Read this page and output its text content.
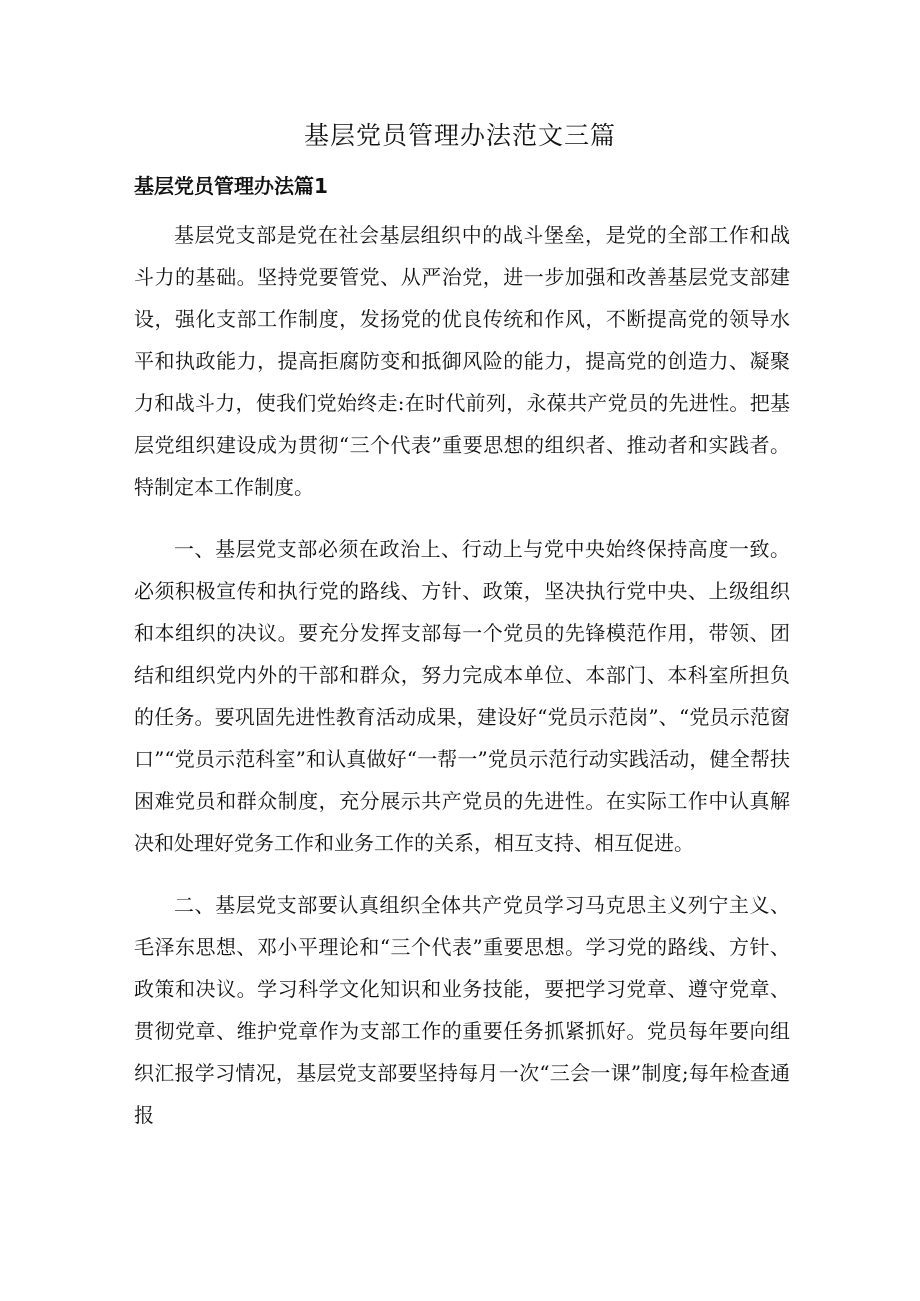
基层党员管理办法范文三篇
基层党员管理办法篇1

基层党支部是党在社会基层组织中的战斗堡垒，是党的全部工作和战斗力的基础。坚持党要管党、从严治党，进一步加强和改善基层党支部建设，强化支部工作制度，发扬党的优良传统和作风，不断提高党的领导水平和执政能力，提高拒腐防变和抵御风险的能力，提高党的创造力、凝聚力和战斗力，使我们党始终走:在时代前列，永葆共产党员的先进性。把基层党组织建设成为贯彻“三个代表”重要思想的组织者、推动者和实践者。特制定本工作制度。

一、基层党支部必须在政治上、行动上与党中央始终保持高度一致。必须积极宣传和执行党的路线、方针、政策，坚决执行党中央、上级组织和本组织的决议。要充分发挥支部每一个党员的先锋模范作用，带领、团结和组织党内外的干部和群众，努力完成本单位、本部门、本科室所担负的任务。要巩固先进性教育活动成果，建设好“党员示范岗”、“党员示范窗口”“党员示范科室”和认真做好“一帮一”党员示范行动实践活动，健全帮扶困难党员和群众制度，充分展示共产党员的先进性。在实际工作中认真解决和处理好党务工作和业务工作的关系，相互支持、相互促进。

二、基层党支部要认真组织全体共产党员学习马克思主义列宁主义、毛泽东思想、邓小平理论和“三个代表”重要思想。学习党的路线、方针、政策和决议。学习科学文化知识和业务技能，要把学习党章、遵守党章、贯彻党章、维护党章作为支部工作的重要任务抓紧抓好。党员每年要向组织汇报学习情况，基层党支部要坚持每月一次“三会一课”制度;每年检查通报
